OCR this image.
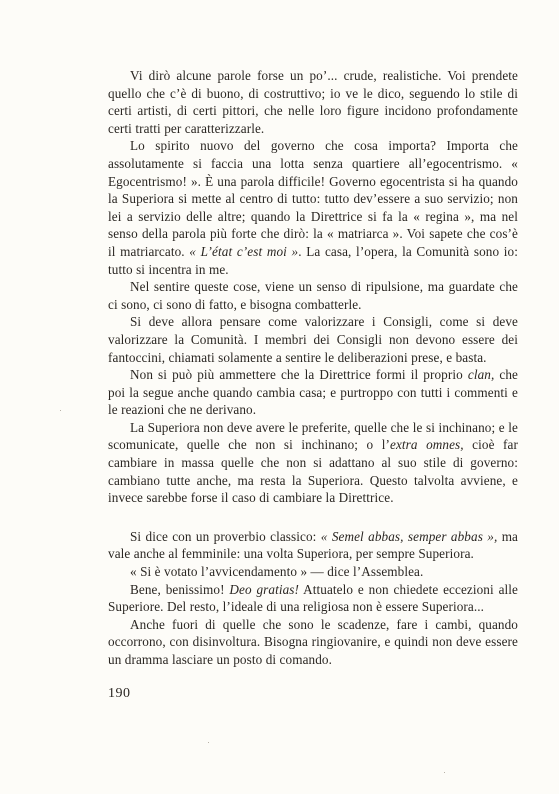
Vi dirò alcune parole forse un po’... crude, realistiche. Voi prendete quello che c’è di buono, di costruttivo; io ve le dico, seguendo lo stile di certi artisti, di certi pittori, che nelle loro figure incidono profondamente certi tratti per caratterizzarle.

Lo spirito nuovo del governo che cosa importa? Importa che assolutamente si faccia una lotta senza quartiere all’egocentrismo. « Egocentrismo! ». È una parola difficile! Governo egocentrista si ha quando la Superiora si mette al centro di tutto: tutto dev’essere a suo servizio; non lei a servizio delle altre; quando la Direttrice si fa la « regina », ma nel senso della parola più forte che dirò: la « matriarca ». Voi sapete che cos’è il matriarcato. « L’état c’est moi ». La casa, l’opera, la Comunità sono io: tutto si incentra in me.

Nel sentire queste cose, viene un senso di ripulsione, ma guardate che ci sono, ci sono di fatto, e bisogna combatterle.

Si deve allora pensare come valorizzare i Consigli, come si deve valorizzare la Comunità. I membri dei Consigli non devono essere dei fantoccini, chiamati solamente a sentire le deliberazioni prese, e basta.

Non si può più ammettere che la Direttrice formi il proprio clan, che poi la segue anche quando cambia casa; e purtroppo con tutti i commenti e le reazioni che ne derivano.

La Superiora non deve avere le preferite, quelle che le si inchinano; e le scomunicate, quelle che non si inchinano; o l’extra omnes, cioè far cambiare in massa quelle che non si adattano al suo stile di governo: cambiano tutte anche, ma resta la Superiora. Questo talvolta avviene, e invece sarebbe forse il caso di cambiare la Direttrice.

Si dice con un proverbio classico: « Semel abbas, semper abbas », ma vale anche al femminile: una volta Superiora, per sempre Superiora.

« Si è votato l’avvicendamento » — dice l’Assemblea.

Bene, benissimo! Deo gratias! Attuatelo e non chiedete eccezioni alle Superiore. Del resto, l’ideale di una religiosa non è essere Superiora...

Anche fuori di quelle che sono le scadenze, fare i cambi, quando occorrono, con disinvoltura. Bisogna ringiovanire, e quindi non deve essere un dramma lasciare un posto di comando.

190
